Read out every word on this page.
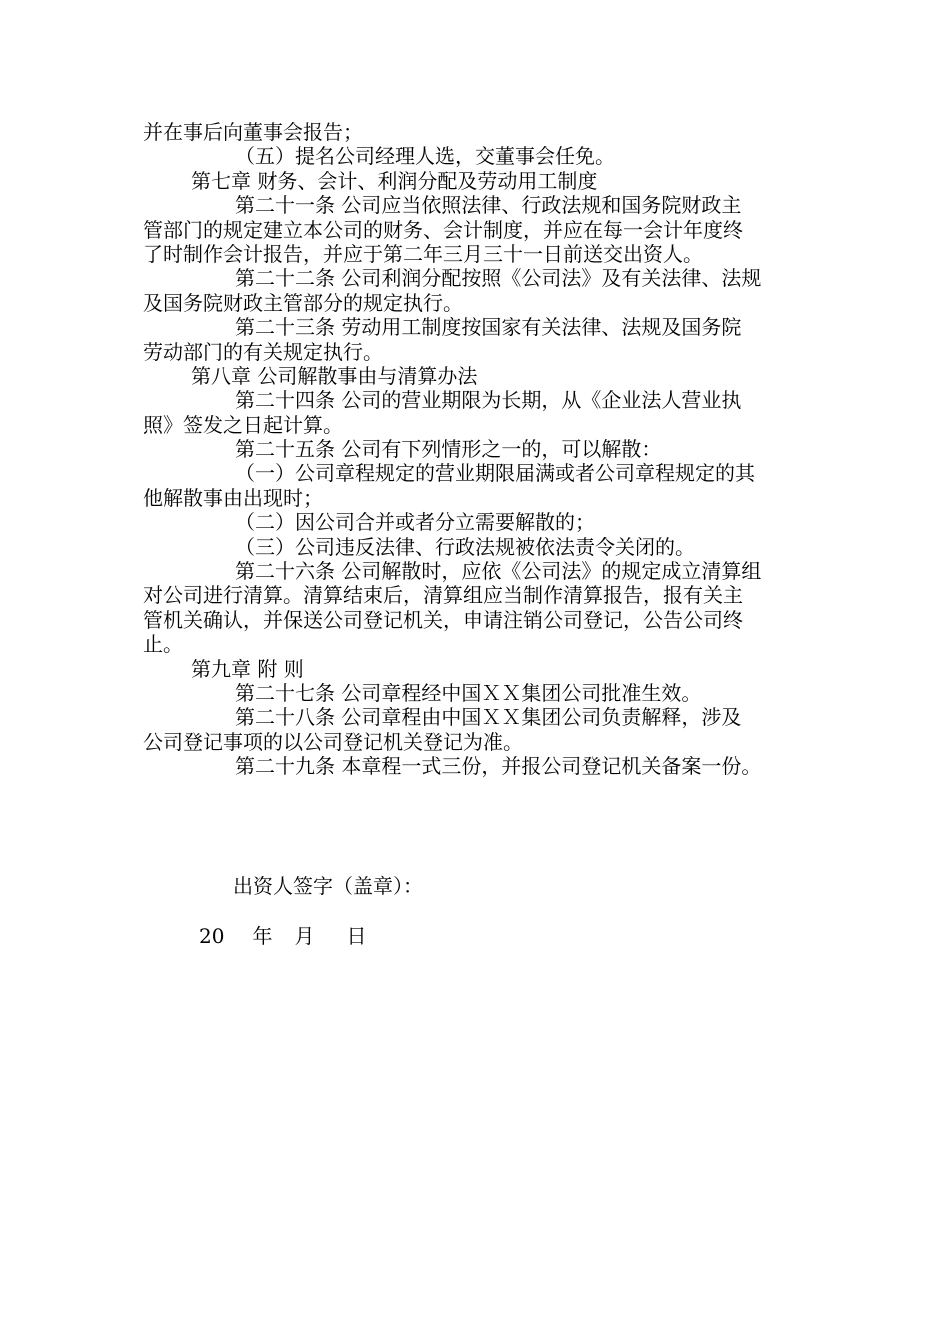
并在事后向董事会报告；
（五）提名公司经理人选，交董事会任免。
第七章 财务、会计、利润分配及劳动用工制度
第二十一条 公司应当依照法律、行政法规和国务院财政主
管部门的规定建立本公司的财务、会计制度，并应在每一会计年度终
了时制作会计报告，并应于第二年三月三十一日前送交出资人。
第二十二条 公司利润分配按照《公司法》及有关法律、法规
及国务院财政主管部分的规定执行。
第二十三条 劳动用工制度按国家有关法律、法规及国务院
劳动部门的有关规定执行。
第八章 公司解散事由与清算办法
第二十四条 公司的营业期限为长期，从《企业法人营业执
照》签发之日起计算。
第二十五条 公司有下列情形之一的，可以解散：
（一）公司章程规定的营业期限届满或者公司章程规定的其
他解散事由出现时；
（二）因公司合并或者分立需要解散的；
（三）公司违反法律、行政法规被依法责令关闭的。
第二十六条 公司解散时，应依《公司法》的规定成立清算组
对公司进行清算。清算结束后，清算组应当制作清算报告，报有关主
管机关确认，并保送公司登记机关，申请注销公司登记，公告公司终
止。
第九章 附 则
第二十七条 公司章程经中国ＸＸ集团公司批准生效。
第二十八条 公司章程由中国ＸＸ集团公司负责解释，涉及
公司登记事项的以公司登记机关登记为准。
第二十九条 本章程一式三份，并报公司登记机关备案一份。
出资人签字（盖章）：
20 年 月 日
